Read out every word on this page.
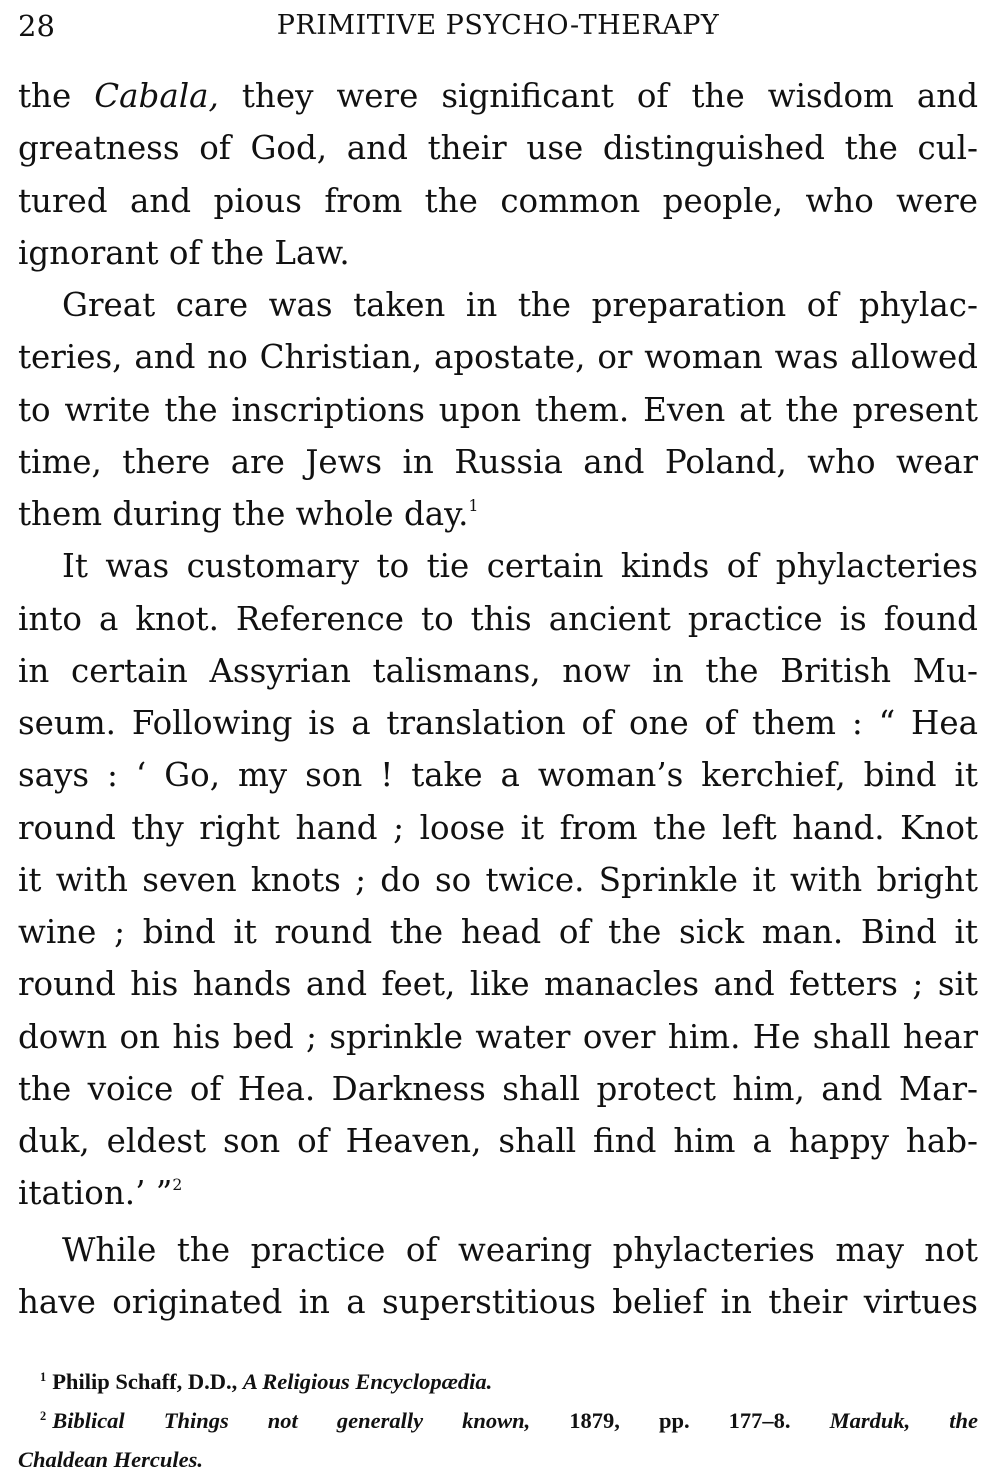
28	PRIMITIVE PSYCHO-THERAPY
the Cabala, they were significant of the wisdom and
greatness of God, and their use distinguished the cul-
tured and pious from the common people, who were
ignorant of the Law.
Great care was taken in the preparation of phylac-
teries, and no Christian, apostate, or woman was allowed
to write the inscriptions upon them. Even at the present
time, there are Jews in Russia and Poland, who wear
them during the whole day.$^1$
It was customary to tie certain kinds of phylacteries
into a knot. Reference to this ancient practice is found
in certain Assyrian talismans, now in the British Mu-
seum. Following is a translation of one of them : “ Hea
says : ‘ Go, my son ! take a woman’s kerchief, bind it
round thy right hand ; loose it from the left hand. Knot
it with seven knots ; do so twice. Sprinkle it with bright
wine ; bind it round the head of the sick man. Bind it
round his hands and feet, like manacles and fetters ; sit
down on his bed ; sprinkle water over him. He shall hear
the voice of Hea. Darkness shall protect him, and Mar-
duk, eldest son of Heaven, shall find him a happy hab-
itation.’ ”$^2$
While the practice of wearing phylacteries may not
have originated in a superstitious belief in their virtues
$^1$ Philip Schaff, D.D., A Religious Encyclopædia.
$^2$ Biblical Things not generally known, 1879, pp. 177–8. Marduk, the
Chaldean Hercules.
